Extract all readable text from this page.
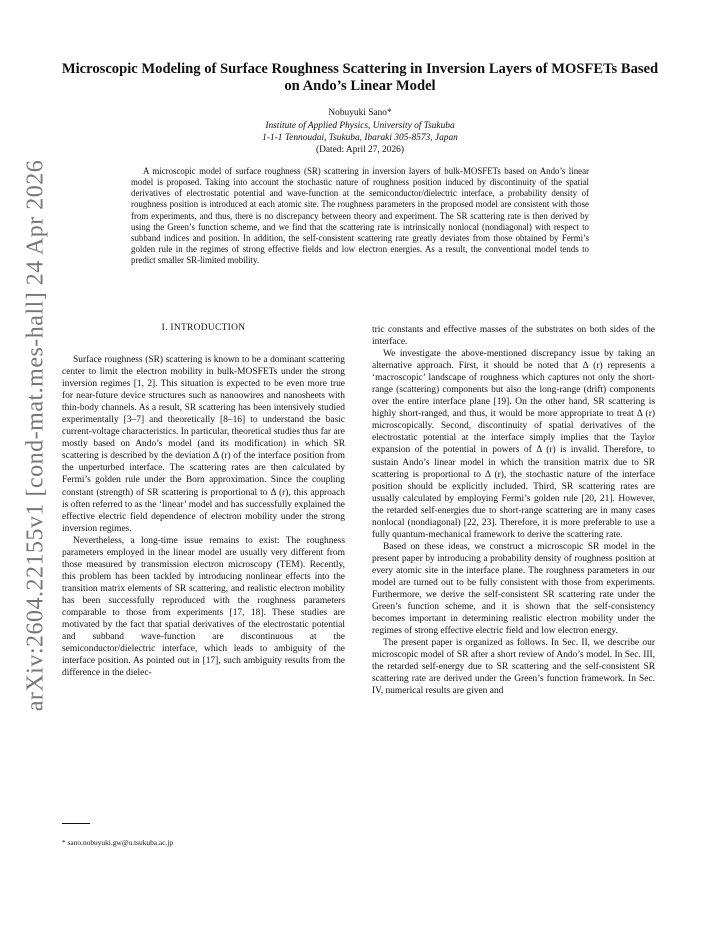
arXiv:2604.22155v1 [cond-mat.mes-hall] 24 Apr 2026
Microscopic Modeling of Surface Roughness Scattering in Inversion Layers of MOSFETs Based on Ando’s Linear Model
Nobuyuki Sano*
Institute of Applied Physics, University of Tsukuba
1-1-1 Tennoudai, Tsukuba, Ibaraki 305-8573, Japan
(Dated: April 27, 2026)

A microscopic model of surface roughness (SR) scattering in inversion layers of bulk-MOSFETs based on Ando’s linear model is proposed. Taking into account the stochastic nature of roughness position induced by discontinuity of the spatial derivatives of electrostatic potential and wave-function at the semiconductor/dielectric interface, a probability density of roughness position is introduced at each atomic site. The roughness parameters in the proposed model are consistent with those from experiments, and thus, there is no discrepancy between theory and experiment. The SR scattering rate is then derived by using the Green’s function scheme, and we find that the scattering rate is intrinsically nonlocal (nondiagonal) with respect to subband indices and position. In addition, the self-consistent scattering rate greatly deviates from those obtained by Fermi’s golden rule in the regimes of strong effective fields and low electron energies. As a result, the conventional model tends to predict smaller SR-limited mobility.

I. INTRODUCTION

Surface roughness (SR) scattering is known to be a dominant scattering center to limit the electron mobility in bulk-MOSFETs under the strong inversion regimes [1, 2]. This situation is expected to be even more true for near-future device structures such as nanoowires and nanosheets with thin-body channels. As a result, SR scattering has been intensively studied experimentally [3–7] and theoretically [8–16] to understand the basic current-voltage characteristics. In particular, theoretical studies thus far are mostly based on Ando’s model (and its modification) in which SR scattering is described by the deviation Δ (r) of the interface position from the unperturbed interface. The scattering rates are then calculated by Fermi’s golden rule under the Born approximation. Since the coupling constant (strength) of SR scattering is proportional to Δ (r), this approach is often referred to as the ‘linear’ model and has successfully explained the effective electric field dependence of electron mobility under the strong inversion regimes.

Nevertheless, a long-time issue remains to exist: The roughness parameters employed in the linear model are usually very different from those measured by transmission electron microscopy (TEM). Recently, this problem has been tackled by introducing nonlinear effects into the transition matrix elements of SR scattering, and realistic electron mobility has been successfully reproduced with the roughness parameters comparable to those from experiments [17, 18]. These studies are motivated by the fact that spatial derivatives of the electrostatic potential and subband wave-function are discontinuous at the semiconductor/dielectric interface, which leads to ambiguity of the interface position. As pointed out in [17], such ambiguity results from the difference in the dielec-

tric constants and effective masses of the substrates on both sides of the interface.

We investigate the above-mentioned discrepancy issue by taking an alternative approach. First, it should be noted that Δ (r) represents a ‘macroscopic’ landscape of roughness which captures not only the short-range (scattering) components but also the long-range (drift) components over the entire interface plane [19]. On the other hand, SR scattering is highly short-ranged, and thus, it would be more appropriate to treat Δ (r) microscopically. Second, discontinuity of spatial derivatives of the electrostatic potential at the interface simply implies that the Taylor expansion of the potential in powers of Δ (r) is invalid. Therefore, to sustain Ando’s linear model in which the transition matrix due to SR scattering is proportional to Δ (r), the stochastic nature of the interface position should be explicitly included. Third, SR scattering rates are usually calculated by employing Fermi’s golden rule [20, 21]. However, the retarded self-energies due to short-range scattering are in many cases nonlocal (nondiagonal) [22, 23]. Therefore, it is more preferable to use a fully quantum-mechanical framework to derive the scattering rate.

Based on these ideas, we construct a microscopic SR model in the present paper by introducing a probability density of roughness position at every atomic site in the interface plane. The roughness parameters in our model are turned out to be fully consistent with those from experiments. Furthermore, we derive the self-consistent SR scattering rate under the Green’s function scheme, and it is shown that the self-consistency becomes important in determining realistic electron mobility under the regimes of strong effective electric field and low electron energy.

The present paper is organized as follows. In Sec. II, we describe our microscopic model of SR after a short review of Ando’s model. In Sec. III, the retarded self-energy due to SR scattering and the self-consistent SR scattering rate are derived under the Green’s function framework. In Sec. IV, numerical results are given and

* sano.nobuyuki.gw@u.tsukuba.ac.jp
